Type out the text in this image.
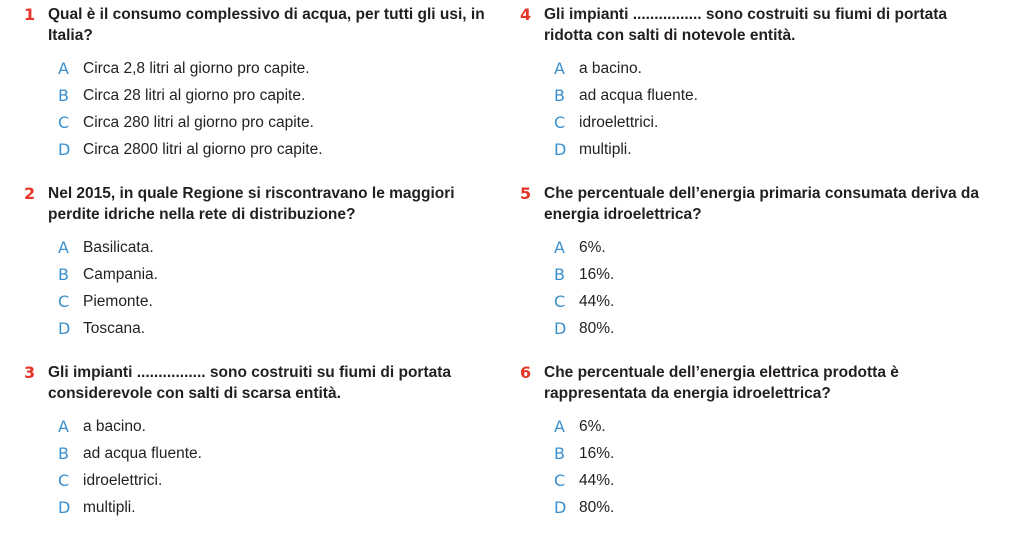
1 Qual è il consumo complessivo di acqua, per tutti gli usi, in Italia?
A Circa 2,8 litri al giorno pro capite.
B Circa 28 litri al giorno pro capite.
C Circa 280 litri al giorno pro capite.
D Circa 2800 litri al giorno pro capite.
2 Nel 2015, in quale Regione si riscontravano le maggiori perdite idriche nella rete di distribuzione?
A Basilicata.
B Campania.
C Piemonte.
D Toscana.
3 Gli impianti ................ sono costruiti su fiumi di portata considerevole con salti di scarsa entità.
A a bacino.
B ad acqua fluente.
C idroelettrici.
D multipli.
4 Gli impianti ................ sono costruiti su fiumi di portata ridotta con salti di notevole entità.
A a bacino.
B ad acqua fluente.
C idroelettrici.
D multipli.
5 Che percentuale dell’energia primaria consumata deriva da energia idroelettrica?
A 6%.
B 16%.
C 44%.
D 80%.
6 Che percentuale dell’energia elettrica prodotta è rappresentata da energia idroelettrica?
A 6%.
B 16%.
C 44%.
D 80%.
